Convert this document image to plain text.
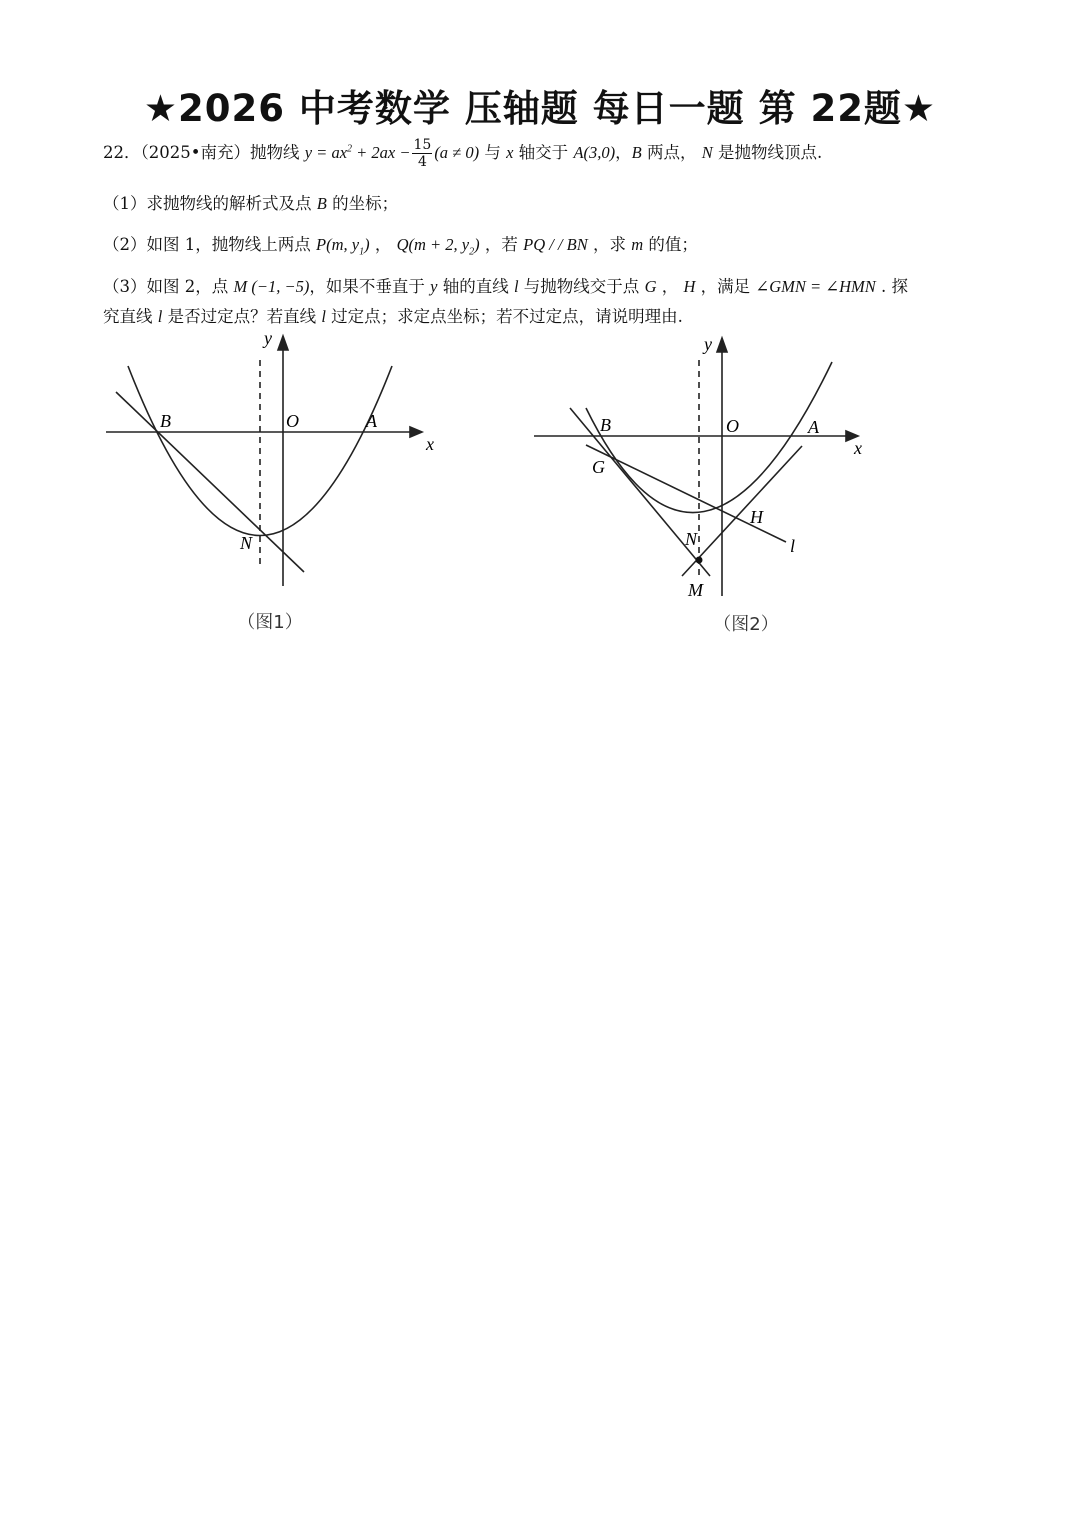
★2026 中考数学 压轴题 每日一题 第 22题★
22．（2025•南充）抛物线 $y = ax^2 + 2ax - \frac{15}{4} (a \ne 0)$ 与 x 轴交于 A(3,0)，B 两点， N 是抛物线顶点.
（1）求抛物线的解析式及点 B 的坐标；
（2）如图 1，抛物线上两点 P(m, $y_1$) ， Q(m + 2, $y_2$) ，若 PQ / / BN ，求 m 的值；
（3）如图 2，点 M (−1, −5)，如果不垂直于 y 轴的直线 l 与抛物线交于点 G ， H ，满足 ∠GMN = ∠HMN . 探
究直线 l 是否过定点？若直线 l 过定点；求定点坐标；若不过定点，请说明理由.
y
x
O	A
B
N
（图1）
y
x
O	A
B
G
H
N
M
l
（图2）
